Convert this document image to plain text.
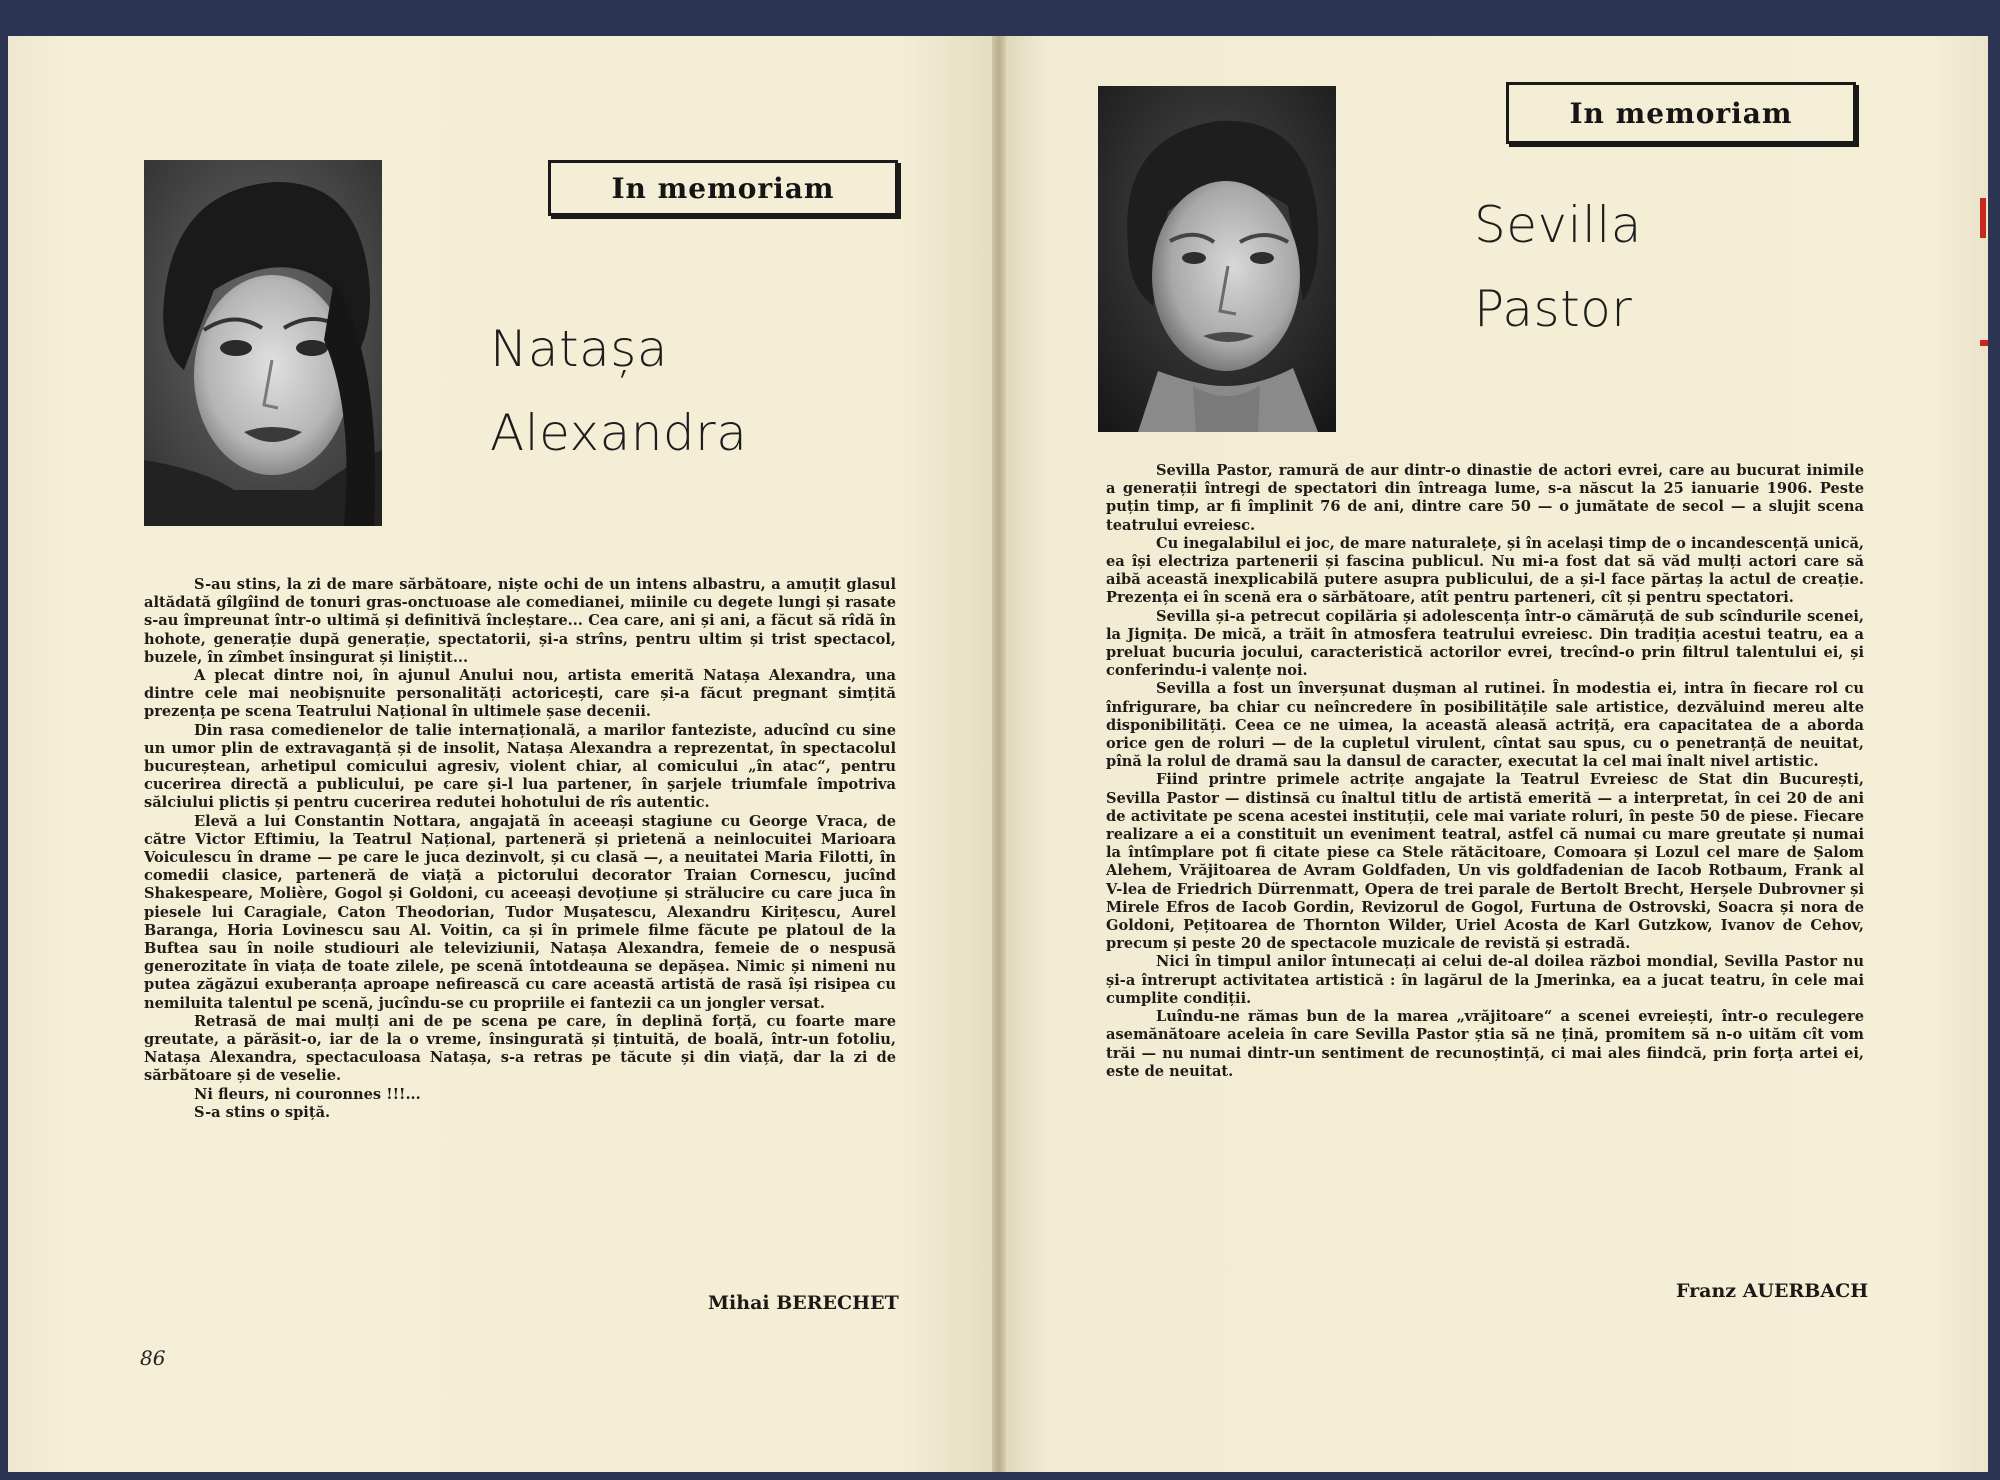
In memoriam
Natașa
Alexandra

S-au stins, la zi de mare sărbătoare, niște ochi de un intens albastru, a amuțit glasul altădată gîlgîind de tonuri gras-onctuoase ale comedianei, miinile cu degete lungi și rasate s-au împreunat într-o ultimă și definitivă încleștare... Cea care, ani și ani, a făcut să rîdă în hohote, generație după generație, spectatorii, și-a strîns, pentru ultim și trist spectacol, buzele, în zîmbet însingurat și liniștit...

A plecat dintre noi, în ajunul Anului nou, artista emerită Natașa Alexandra, una dintre cele mai neobișnuite personalități actoricești, care și-a făcut pregnant simțită prezența pe scena Teatrului Național în ultimele șase decenii.

Din rasa comedienelor de talie internațională, a marilor fanteziste, aducînd cu sine un umor plin de extravaganță și de insolit, Natașa Alexandra a reprezentat, în spectacolul bucureștean, arhetipul comicului agresiv, violent chiar, al comicului „în atac“, pentru cucerirea directă a publicului, pe care și-l lua partener, în șarjele triumfale împotriva sălciului plictis și pentru cucerirea redutei hohotului de rîs autentic.

Elevă a lui Constantin Nottara, angajată în aceeași stagiune cu George Vraca, de către Victor Eftimiu, la Teatrul Național, parteneră și prietenă a neinlocuitei Marioara Voiculescu în drame — pe care le juca dezinvolt, și cu clasă —, a neuitatei Maria Filotti, în comedii clasice, parteneră de viață a pictorului decorator Traian Cornescu, jucînd Shakespeare, Molière, Gogol și Goldoni, cu aceeași devoțiune și strălucire cu care juca în piesele lui Caragiale, Caton Theodorian, Tudor Mușatescu, Alexandru Kirițescu, Aurel Baranga, Horia Lovinescu sau Al. Voitin, ca și în primele filme făcute pe platoul de la Buftea sau în noile studiouri ale televiziunii, Natașa Alexandra, femeie de o nespusă generozitate în viața de toate zilele, pe scenă întotdeauna se depășea. Nimic și nimeni nu putea zăgăzui exuberanța aproape nefirească cu care această artistă de rasă își risipea cu nemiluita talentul pe scenă, jucîndu-se cu propriile ei fantezii ca un jongler versat.

Retrasă de mai mulți ani de pe scena pe care, în deplină forță, cu foarte mare greutate, a părăsit-o, iar de la o vreme, însingurată și țintuită, de boală, într-un fotoliu, Natașa Alexandra, spectaculoasa Natașa, s-a retras pe tăcute și din viață, dar la zi de sărbătoare și de veselie.

Ni fleurs, ni couronnes !!!...

S-a stins o spiță.

Mihai BERECHET
86
In memoriam
Sevilla
Pastor

Sevilla Pastor, ramură de aur dintr-o dinastie de actori evrei, care au bucurat inimile a generații întregi de spectatori din întreaga lume, s-a născut la 25 ianuarie 1906. Peste puțin timp, ar fi împlinit 76 de ani, dintre care 50 — o jumătate de secol — a slujit scena teatrului evreiesc.

Cu inegalabilul ei joc, de mare naturalețe, și în același timp de o incandescență unică, ea își electriza partenerii și fascina publicul. Nu mi-a fost dat să văd mulți actori care să aibă această inexplicabilă putere asupra publicului, de a și-l face părtaș la actul de creație. Prezența ei în scenă era o sărbătoare, atît pentru parteneri, cît și pentru spectatori.

Sevilla și-a petrecut copilăria și adolescența într-o cămăruță de sub scîndurile scenei, la Jignița. De mică, a trăit în atmosfera teatrului evreiesc. Din tradiția acestui teatru, ea a preluat bucuria jocului, caracteristică actorilor evrei, trecînd-o prin filtrul talentului ei, și conferindu-i valențe noi.

Sevilla a fost un înverșunat dușman al rutinei. În modestia ei, intra în fiecare rol cu înfrigurare, ba chiar cu neîncredere în posibilitățile sale artistice, dezvăluind mereu alte disponibilități. Ceea ce ne uimea, la această aleasă actriță, era capacitatea de a aborda orice gen de roluri — de la cupletul virulent, cîntat sau spus, cu o penetranță de neuitat, pînă la rolul de dramă sau la dansul de caracter, executat la cel mai înalt nivel artistic.

Fiind printre primele actrițe angajate la Teatrul Evreiesc de Stat din București, Sevilla Pastor — distinsă cu înaltul titlu de artistă emerită — a interpretat, în cei 20 de ani de activitate pe scena acestei instituții, cele mai variate roluri, în peste 50 de piese. Fiecare realizare a ei a constituit un eveniment teatral, astfel că numai cu mare greutate și numai la întîmplare pot fi citate piese ca Stele rătăcitoare, Comoara și Lozul cel mare de Șalom Alehem, Vrăjitoarea de Avram Goldfaden, Un vis goldfadenian de Iacob Rotbaum, Frank al V-lea de Friedrich Dürrenmatt, Opera de trei parale de Bertolt Brecht, Herșele Dubrovner și Mirele Efros de Iacob Gordin, Revizorul de Gogol, Furtuna de Ostrovski, Soacra și nora de Goldoni, Pețitoarea de Thornton Wilder, Uriel Acosta de Karl Gutzkow, Ivanov de Cehov, precum și peste 20 de spectacole muzicale de revistă și estradă.

Nici în timpul anilor întunecați ai celui de-al doilea război mondial, Sevilla Pastor nu și-a întrerupt activitatea artistică : în lagărul de la Jmerinka, ea a jucat teatru, în cele mai cumplite condiții.

Luîndu-ne rămas bun de la marea „vrăjitoare“ a scenei evreiești, într-o reculegere asemănătoare aceleia în care Sevilla Pastor știa să ne țină, promitem să n-o uităm cît vom trăi — nu numai dintr-un sentiment de recunoștință, ci mai ales fiindcă, prin forța artei ei, este de neuitat.

Franz AUERBACH
